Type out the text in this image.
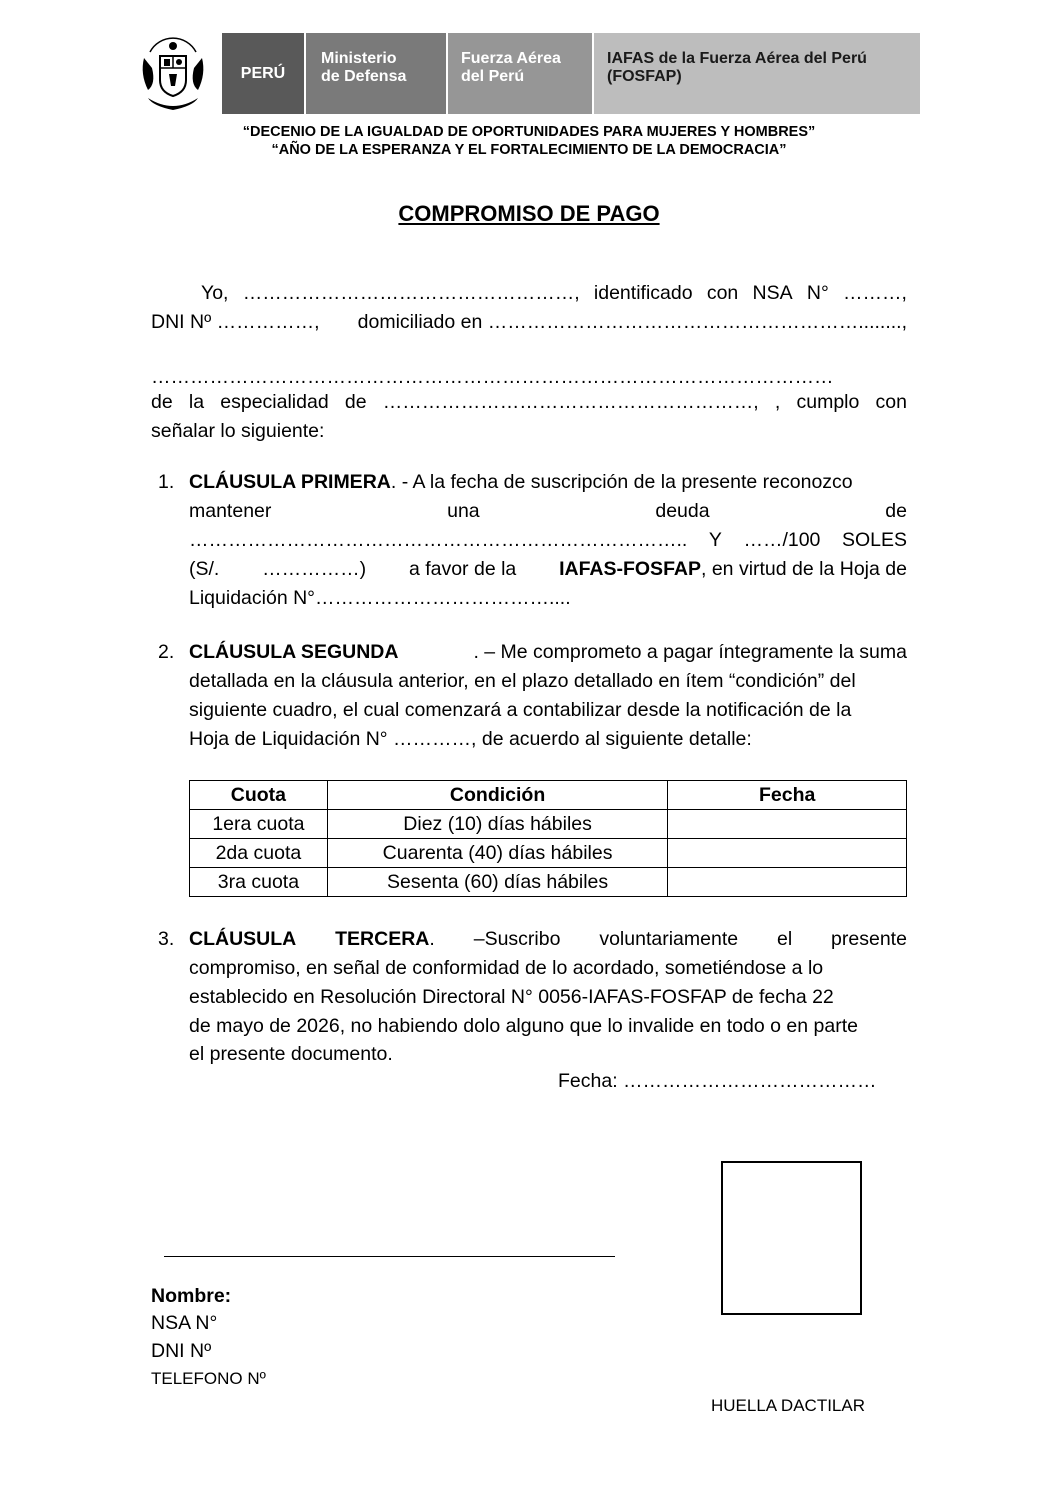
PERÚ
Ministerio
de Defensa
Fuerza Aérea
del Perú
IAFAS de la Fuerza Aérea del Perú
(FOSFAP)
“DECENIO DE LA IGUALDAD DE OPORTUNIDADES PARA MUJERES Y HOMBRES”
“AÑO DE LA ESPERANZA Y EL FORTALECIMIENTO DE LA DEMOCRACIA”
COMPROMISO DE PAGO
Yo, ……………………………………………, identificado con NSA N° ………,
DNI Nº ……………, domiciliado en …………………………………………………........,
……………………………………………………………………………………………
de la especialidad de …………………………………………………, , cumplo con
señalar lo siguiente:
1. CLÁUSULA PRIMERA . - A la fecha de suscripción de la presente reconozco
mantener	una	deuda	de
………………………………………………………………….. Y ……/100 SOLES
(S/. ……………) a favor de la IAFAS-FOSFAP, en virtud de la Hoja de
Liquidación N°………………………………....
2. CLÁUSULA SEGUNDA	. – Me comprometo a pagar íntegramente la suma
detallada en la cláusula anterior, en el plazo detallado en ítem “condición” del
siguiente cuadro, el cual comenzará a contabilizar desde la notificación de la
Hoja de Liquidación N° …………, de acuerdo al siguiente detalle:
Cuota	Condición	Fecha
1era cuota	Diez (10) días hábiles	
2da cuota	Cuarenta (40) días hábiles	
3ra cuota	Sesenta (60) días hábiles	
3. CLÁUSULA TERCERA. –Suscribo voluntariamente el presente
compromiso, en señal de conformidad de lo acordado, sometiéndose a lo
establecido en Resolución Directoral N° 0056-IAFAS-FOSFAP de fecha 22
de mayo de 2026, no habiendo dolo alguno que lo invalide en todo o en parte
el presente documento.
Fecha: …………………………………
Nombre:
NSA N°
DNI Nº
TELEFONO Nº
HUELLA DACTILAR
